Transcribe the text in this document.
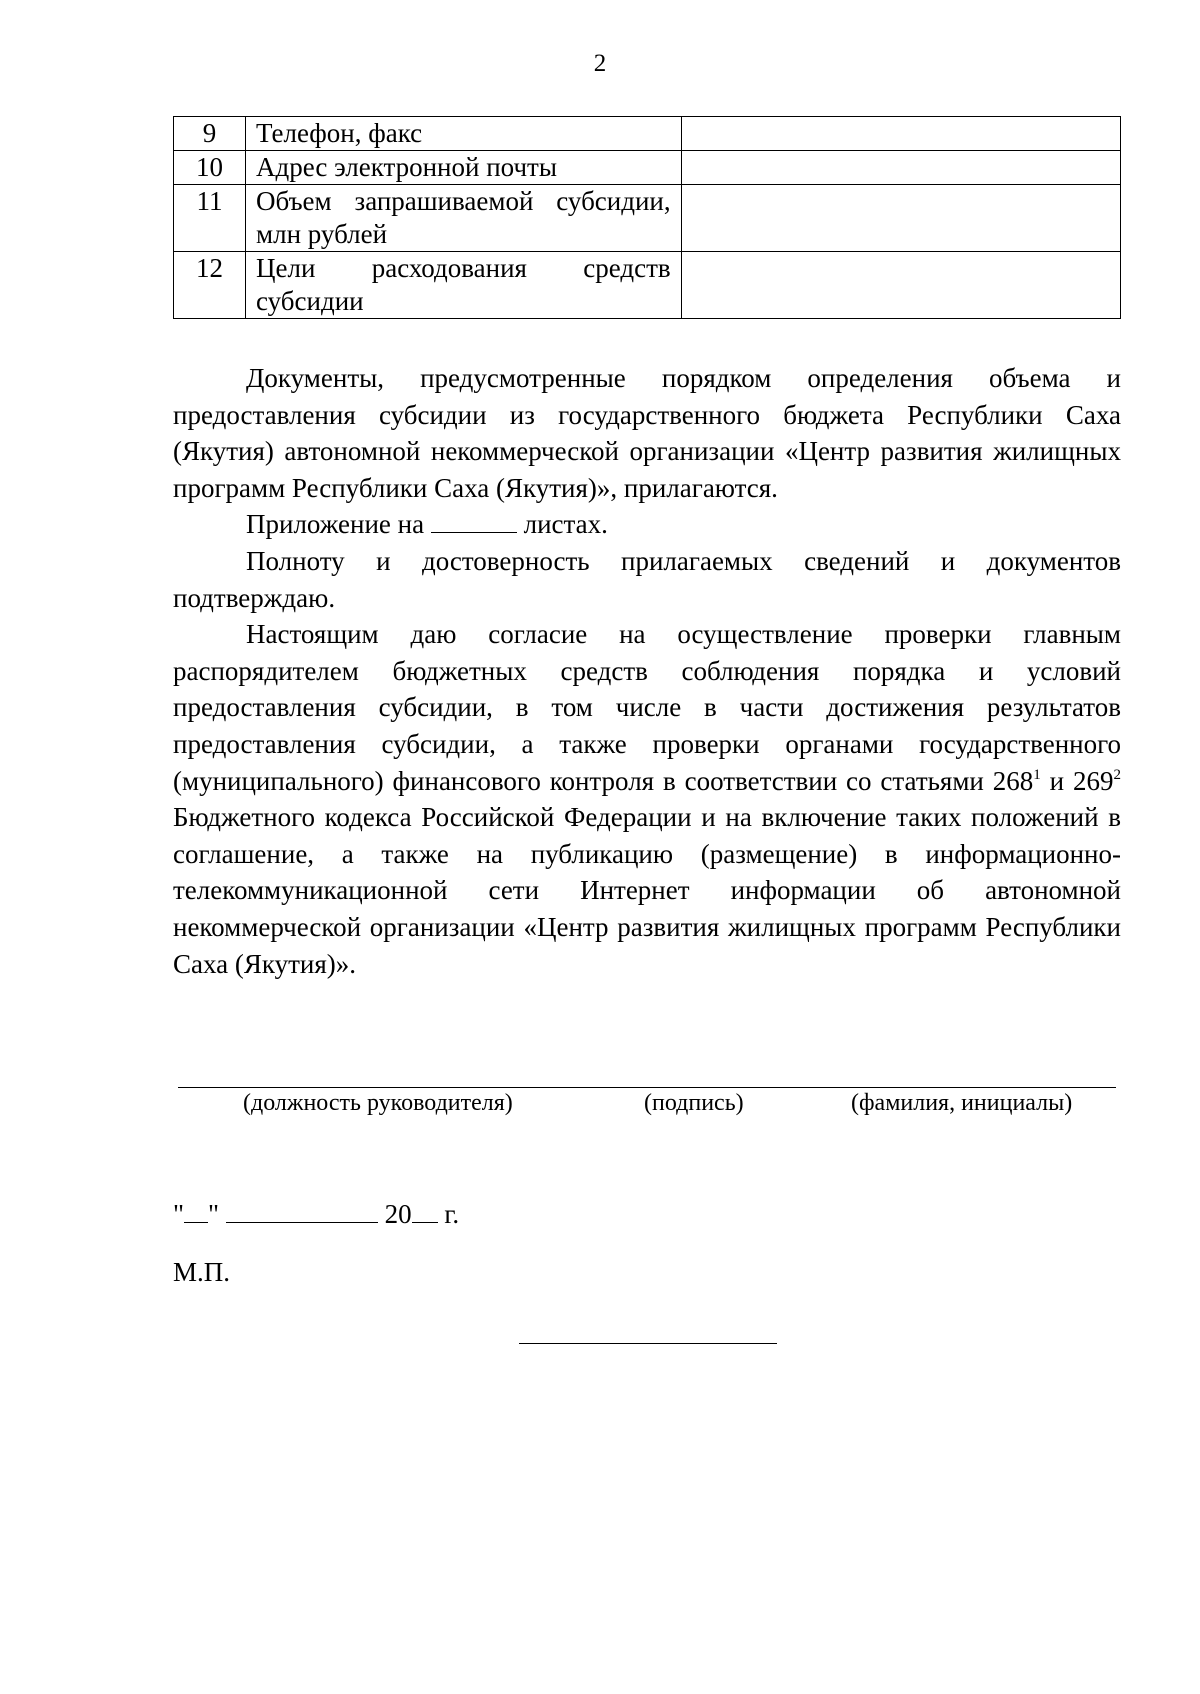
2
9	Телефон, факс	
10	Адрес электронной почты	
11	Объем запрашиваемой субсидии, млн рублей	
12	Цели расходования средств субсидии	

Документы, предусмотренные порядком определения объема и предоставления субсидии из государственного бюджета Республики Саха (Якутия) автономной некоммерческой организации «Центр развития жилищных программ Республики Саха (Якутия)», прилагаются.

Приложение на	листах.

Полноту и достоверность прилагаемых сведений и документов подтверждаю.

Настоящим даю согласие на осуществление проверки главным распорядителем бюджетных средств соблюдения порядка и условий предоставления субсидии, в том числе в части достижения результатов предоставления субсидии, а также проверки органами государственного (муниципального) финансового контроля в соответствии со статьями $268^1$ и $269^2$ Бюджетного кодекса Российской Федерации и на включение таких положений в соглашение, а также на публикацию (размещение) в информационно-телекоммуникационной сети Интернет информации об автономной некоммерческой организации «Центр развития жилищных программ Республики Саха (Якутия)».

(должность руководителя)	(подпись)	(фамилия, инициалы)
" "	20 г.
М.П.
